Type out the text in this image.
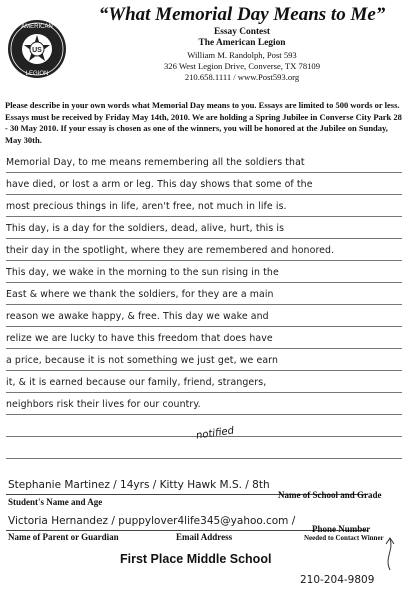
US
AMERICAN
LEGION
“What Memorial Day Means to Me”
Essay Contest
The American Legion
William M. Randolph, Post 593
326 West Legion Drive, Converse, TX 78109
210.658.1111 / www.Post593.org
Please describe in your own words what Memorial Day means to you. Essays are limited to 500 words or less. Essays must be received by Friday May 14th, 2010. We are holding a Spring Jubilee in Converse City Park 28 - 30 May 2010. If your essay is chosen as one of the winners, you will be honored at the Jubilee on Sunday, May 30th.
Memorial Day, to me means remembering all the soldiers that
have died, or lost a arm or leg. This day shows that some of the
most precious things in life, aren't free, not much in life is.
This day, is a day for the soldiers, dead, alive, hurt, this is
their day in the spotlight, where they are remembered and honored.
This day, we wake in the morning to the sun rising in the
East & where we thank the soldiers, for they are a main
reason we awake happy, & free. This day we wake and
relize we are lucky to have this freedom that does have
a price, because it is not something we just get, we earn
it, & it is earned because our family, friend, strangers,
neighbors risk their lives for our country.
notified
Stephanie Martinez / 14yrs / Kitty Hawk M.S. / 8th
Student's Name and Age
Name of School and Grade
Victoria Hernandez / puppylover4life345@yahoo.com /
Name of Parent or Guardian	Email Address
Phone Number
Needed to Contact Winner
First Place Middle School
210-204-9809
